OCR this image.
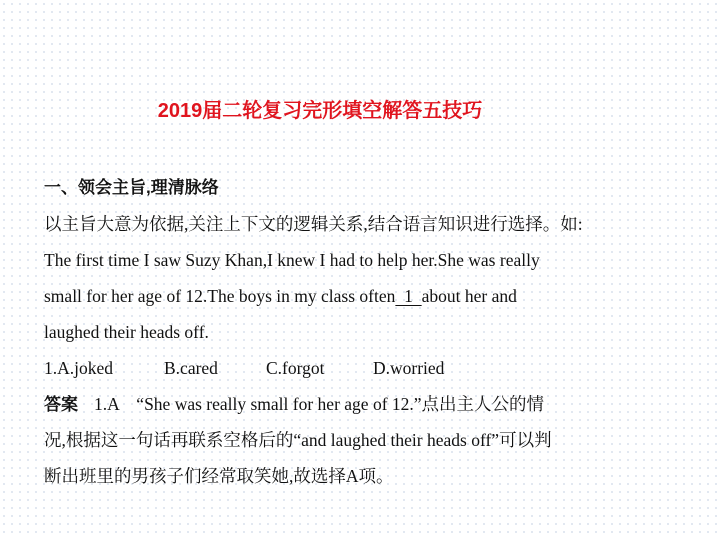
2019届二轮复习完形填空解答五技巧
一、领会主旨,理清脉络
以主旨大意为依据,关注上下文的逻辑关系,结合语言知识进行选择。如:
The first time I saw Suzy Khan,I knew I had to help her.She was really
small for her age of 12.The boys in my class often  1  about her and
laughed their heads off.
1.A.joked	B.cared	C.forgot	D.worried
答案 1.A　“She was really small for her age of 12.”点出主人公的情
况,根据这一句话再联系空格后的“and laughed their heads off”可以判
断出班里的男孩子们经常取笑她,故选择A项。
